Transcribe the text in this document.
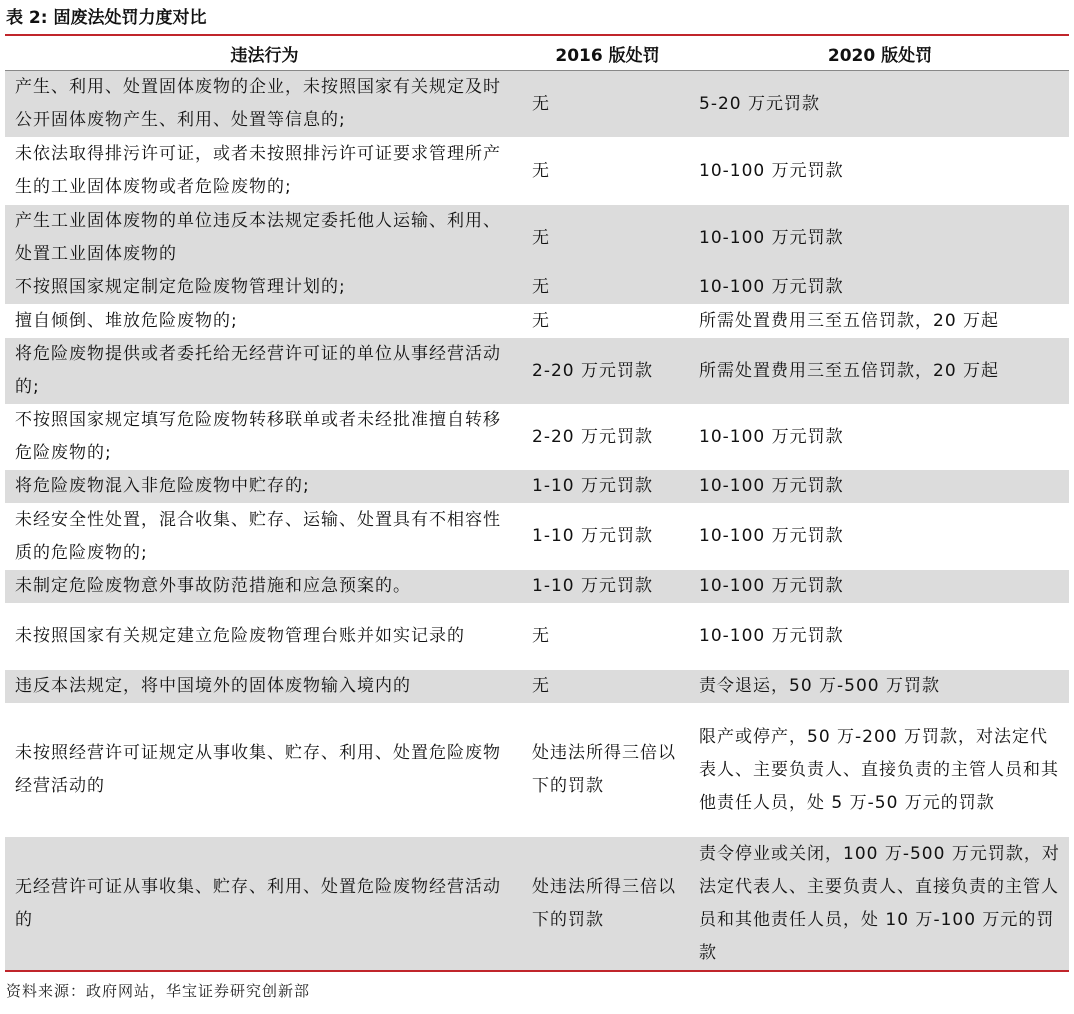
表 2: 固废法处罚力度对比
违法行为	2016 版处罚	2020 版处罚
产生、利用、处置固体废物的企业，未按照国家有关规定及时公开固体废物产生、利用、处置等信息的;	无	5-20 万元罚款
未依法取得排污许可证，或者未按照排污许可证要求管理所产生的工业固体废物或者危险废物的;	无	10-100 万元罚款
产生工业固体废物的单位违反本法规定委托他人运输、利用、处置工业固体废物的	无	10-100 万元罚款
不按照国家规定制定危险废物管理计划的;	无	10-100 万元罚款
擅自倾倒、堆放危险废物的;	无	所需处置费用三至五倍罚款，20 万起
将危险废物提供或者委托给无经营许可证的单位从事经营活动的;	2-20 万元罚款	所需处置费用三至五倍罚款，20 万起
不按照国家规定填写危险废物转移联单或者未经批准擅自转移危险废物的;	2-20 万元罚款	10-100 万元罚款
将危险废物混入非危险废物中贮存的;	1-10 万元罚款	10-100 万元罚款
未经安全性处置，混合收集、贮存、运输、处置具有不相容性质的危险废物的;	1-10 万元罚款	10-100 万元罚款
未制定危险废物意外事故防范措施和应急预案的。	1-10 万元罚款	10-100 万元罚款
未按照国家有关规定建立危险废物管理台账并如实记录的	无	10-100 万元罚款
违反本法规定，将中国境外的固体废物输入境内的	无	责令退运，50 万-500 万罚款
未按照经营许可证规定从事收集、贮存、利用、处置危险废物经营活动的	处违法所得三倍以下的罚款	限产或停产，50 万-200 万罚款，对法定代表人、主要负责人、直接负责的主管人员和其他责任人员，处 5 万-50 万元的罚款
无经营许可证从事收集、贮存、利用、处置危险废物经营活动的	处违法所得三倍以下的罚款	责令停业或关闭，100 万-500 万元罚款，对法定代表人、主要负责人、直接负责的主管人员和其他责任人员，处 10 万-100 万元的罚款
资料来源：政府网站，华宝证券研究创新部
